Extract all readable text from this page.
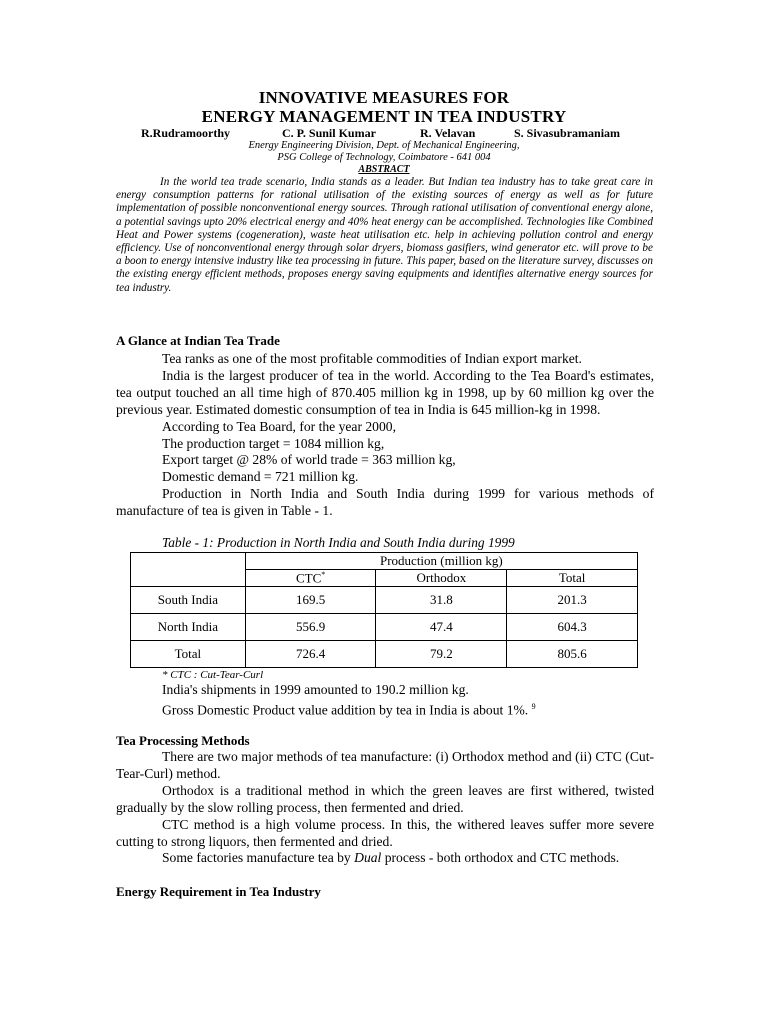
INNOVATIVE MEASURES FOR
ENERGY MANAGEMENT IN TEA INDUSTRY
R.Rudramoorthy	C. P. Sunil Kumar	R. Velavan	S. Sivasubramaniam
Energy Engineering Division, Dept. of Mechanical Engineering,
PSG College of Technology, Coimbatore - 641 004
ABSTRACT

In the world tea trade scenario, India stands as a leader. But Indian tea industry has to take great care in energy consumption patterns for rational utilisation of the existing sources of energy as well as for future implementation of possible nonconventional energy sources. Through rational utilisation of conventional energy alone, a potential savings upto 20% electrical energy and 40% heat energy can be accomplished. Technologies like Combined Heat and Power systems (cogeneration), waste heat utilisation etc. help in achieving pollution control and energy efficiency. Use of nonconventional energy through solar dryers, biomass gasifiers, wind generator etc. will prove to be a boon to energy intensive industry like tea processing in future. This paper, based on the literature survey, discusses on the existing energy efficient methods, proposes energy saving equipments and identifies alternative energy sources for tea industry.

A Glance at Indian Tea Trade

Tea ranks as one of the most profitable commodities of Indian export market.

India is the largest producer of tea in the world. According to the Tea Board's estimates, tea output touched an all time high of 870.405 million kg in 1998, up by 60 million kg over the previous year. Estimated domestic consumption of tea in India is 645 million-kg in 1998.

According to Tea Board, for the year 2000,

The production target = 1084 million kg,

Export target @ 28% of world trade = 363 million kg,

Domestic demand = 721 million kg.

Production in North India and South India during 1999 for various methods of manufacture of tea is given in Table - 1.

Table - 1: Production in North India and South India during 1999
	Production (million kg)		
	CTC*	Orthodox	Total
South India	169.5	31.8	201.3
North India	556.9	47.4	604.3
Total	726.4	79.2	805.6
* CTC : Cut-Tear-Curl

India's shipments in 1999 amounted to 190.2 million kg.

Gross Domestic Product value addition by tea in India is about 1%. $^9$

Tea Processing Methods

There are two major methods of tea manufacture: (i) Orthodox method and (ii) CTC (Cut-Tear-Curl) method.

Orthodox is a traditional method in which the green leaves are first withered, twisted gradually by the slow rolling process, then fermented and dried.

CTC method is a high volume process. In this, the withered leaves suffer more severe cutting to strong liquors, then fermented and dried.

Some factories manufacture tea by Dual process - both orthodox and CTC methods.

Energy Requirement in Tea Industry
